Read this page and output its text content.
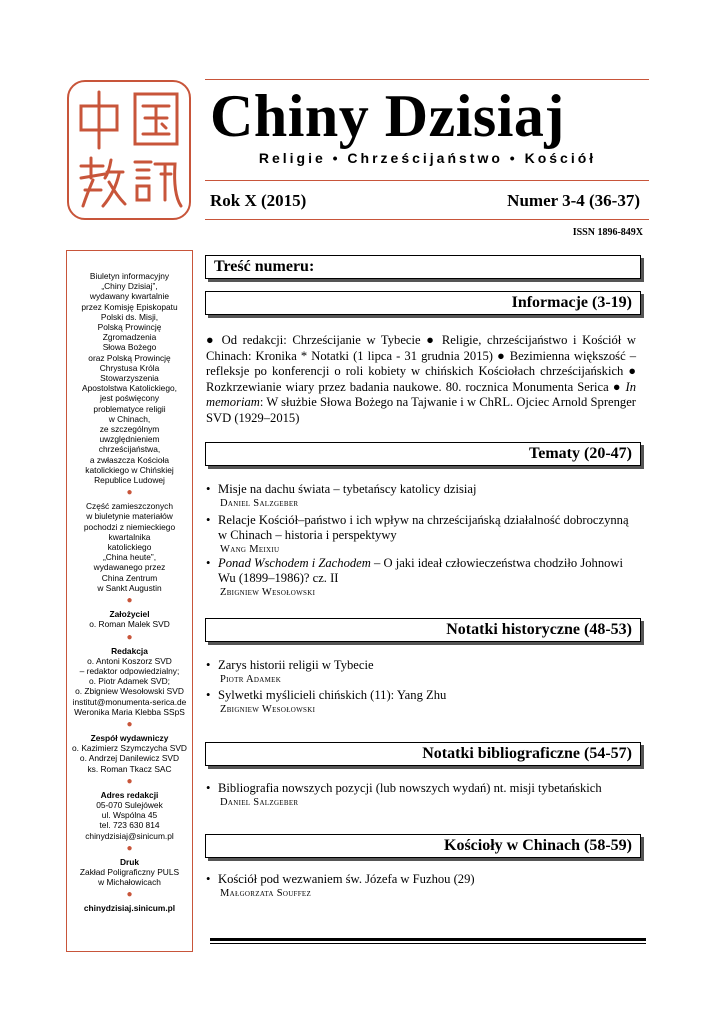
Chiny Dzisiaj
Religie • Chrześcijaństwo • Kościół
Rok X (2015)	Numer 3-4 (36-37)
ISSN 1896-849X
Biuletyn informacyjny
„Chiny Dzisiaj”,
wydawany kwartalnie
przez Komisję Episkopatu
Polski ds. Misji,
Polską Prowincję
Zgromadzenia
Słowa Bożego
oraz Polską Prowincję
Chrystusa Króla
Stowarzyszenia
Apostolstwa Katolickiego,
jest poświęcony
problematyce religii
w Chinach,
ze szczególnym
uwzględnieniem
chrześcijaństwa,
a zwłaszcza Kościoła
katolickiego w Chińskiej
Republice Ludowej
●
Część zamieszczonych
w biuletynie materiałów
pochodzi z niemieckiego
kwartalnika
katolickiego
„China heute”,
wydawanego przez
China Zentrum
w Sankt Augustin
●
Założyciel
o. Roman Malek SVD
●
Redakcja
o. Antoni Koszorz SVD
– redaktor odpowiedzialny;
o. Piotr Adamek SVD;
o. Zbigniew Wesołowski SVD
institut@monumenta-serica.de
Weronika Maria Klebba SSpS
●
Zespół wydawniczy
o. Kazimierz Szymczycha SVD
o. Andrzej Danilewicz SVD
ks. Roman Tkacz SAC
●
Adres redakcji
05-070 Sulejówek
ul. Wspólna 45
tel. 723 630 814
chinydzisiaj@sinicum.pl
●
Druk
Zakład Poligraficzny PULS
w Michałowicach
●
chinydzisiaj.sinicum.pl
Treść numeru:
Informacje (3-19)
● Od redakcji: Chrześcijanie w Tybecie ● Religie, chrześcijaństwo i Kościół w Chinach: Kronika * Notatki (1 lipca - 31 grudnia 2015) ● Bezimienna większość – refleksje po konferencji o roli kobiety w chińskich Kościołach chrześcijańskich ● Rozkrzewianie wiary przez badania naukowe. 80. rocznica Monumenta Serica ● In memoriam: W służbie Słowa Bożego na Tajwanie i w ChRL. Ojciec Arnold Sprenger SVD (1929–2015)
Tematy (20-47)
• Misje na dachu świata – tybetańscy katolicy dzisiaj
Daniel Salzgeber
• Relacje Kościół–państwo i ich wpływ na chrześcijańską działalność dobroczynną
w Chinach – historia i perspektywy
Wang Meixiu
• Ponad Wschodem i Zachodem – O jaki ideał człowieczeństwa chodziło Johnowi
Wu (1899–1986)? cz. II
Zbigniew Wesołowski
Notatki historyczne (48-53)
• Zarys historii religii w Tybecie
Piotr Adamek
• Sylwetki myślicieli chińskich (11): Yang Zhu
Zbigniew Wesołowski
Notatki bibliograficzne (54-57)
• Bibliografia nowszych pozycji (lub nowszych wydań) nt. misji tybetańskich
Daniel Salzgeber
Kościoły w Chinach (58-59)
• Kościół pod wezwaniem św. Józefa w Fuzhou (29)
Małgorzata Souffez
